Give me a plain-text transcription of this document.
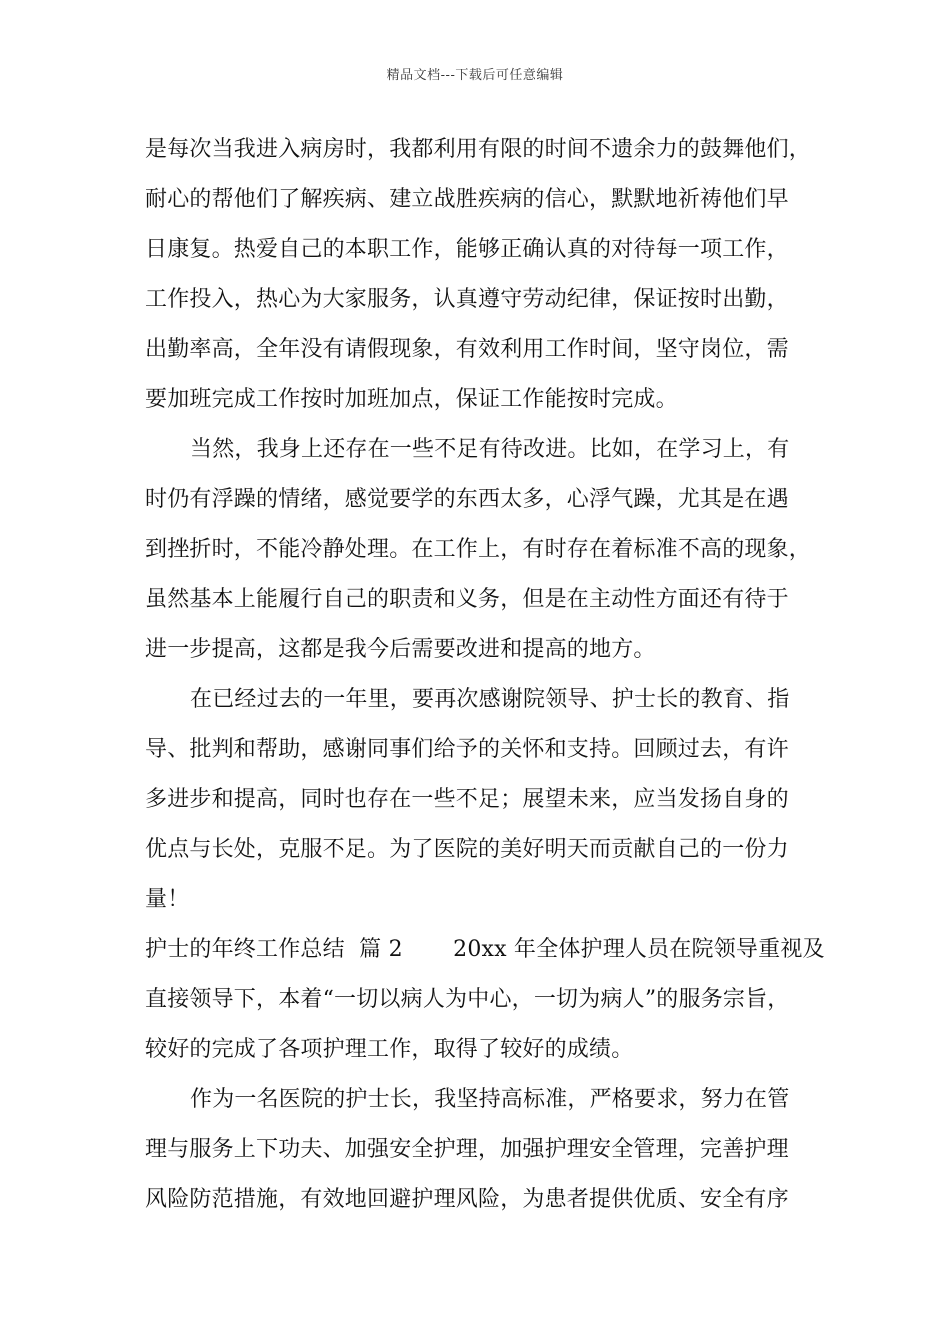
精品文档---下载后可任意编辑
是每次当我进入病房时，我都利用有限的时间不遗余力的鼓舞他们，
耐心的帮他们了解疾病、建立战胜疾病的信心，默默地祈祷他们早
日康复。热爱自己的本职工作，能够正确认真的对待每一项工作，
工作投入，热心为大家服务，认真遵守劳动纪律，保证按时出勤，
出勤率高，全年没有请假现象，有效利用工作时间，坚守岗位，需
要加班完成工作按时加班加点，保证工作能按时完成。
当然，我身上还存在一些不足有待改进。比如，在学习上，有
时仍有浮躁的情绪，感觉要学的东西太多，心浮气躁，尤其是在遇
到挫折时，不能冷静处理。在工作上，有时存在着标准不高的现象，
虽然基本上能履行自己的职责和义务，但是在主动性方面还有待于
进一步提高，这都是我今后需要改进和提高的地方。
在已经过去的一年里，要再次感谢院领导、护士长的教育、指
导、批判和帮助，感谢同事们给予的关怀和支持。回顾过去，有许
多进步和提高，同时也存在一些不足；展望未来，应当发扬自身的
优点与长处，克服不足。为了医院的美好明天而贡献自己的一份力
量！
护士的年终工作总结  篇 2       20xx 年全体护理人员在院领导重视及
直接领导下，本着“一切以病人为中心，一切为病人”的服务宗旨，
较好的完成了各项护理工作，取得了较好的成绩。
作为一名医院的护士长，我坚持高标准，严格要求，努力在管
理与服务上下功夫、加强安全护理，加强护理安全管理，完善护理
风险防范措施，有效地回避护理风险，为患者提供优质、安全有序
